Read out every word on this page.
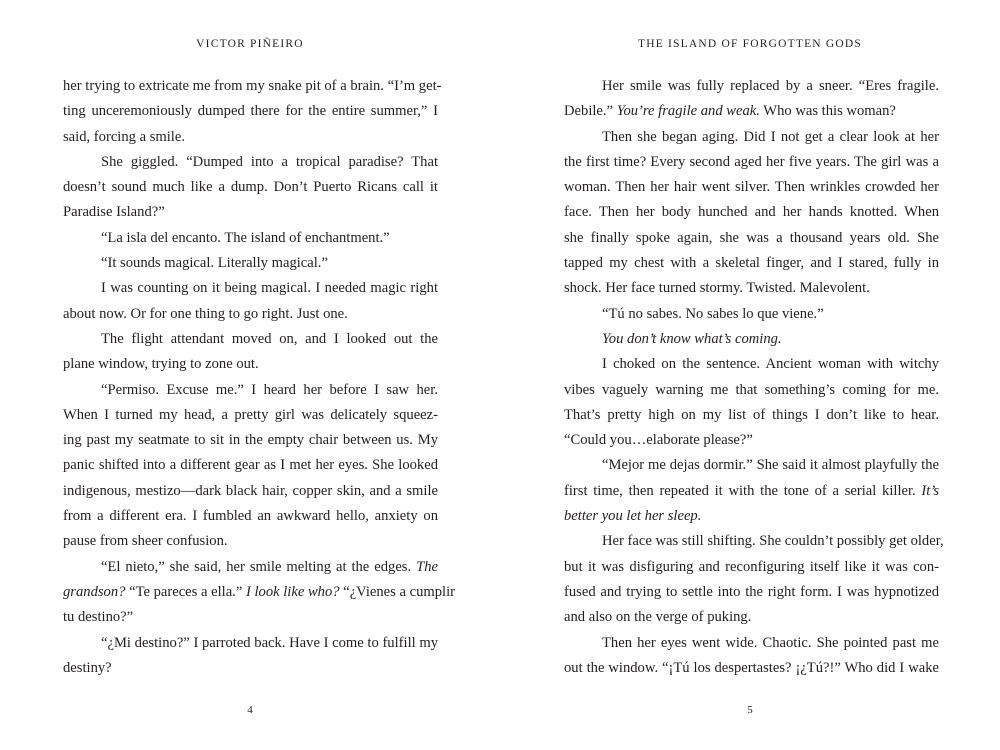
VICTOR PIÑEIRO
her trying to extricate me from my snake pit of a brain. “I’m get-
ting unceremoniously dumped there for the entire summer,” I
said, forcing a smile.
She giggled. “Dumped into a tropical paradise? That
doesn’t sound much like a dump. Don’t Puerto Ricans call it
Paradise Island?”
“La isla del encanto. The island of enchantment.”
“It sounds magical. Literally magical.”
I was counting on it being magical. I needed magic right
about now. Or for one thing to go right. Just one.
The flight attendant moved on, and I looked out the
plane window, trying to zone out.
“Permiso. Excuse me.” I heard her before I saw her.
When I turned my head, a pretty girl was delicately squeez-
ing past my seatmate to sit in the empty chair between us. My
panic shifted into a different gear as I met her eyes. She looked
indigenous, mestizo—dark black hair, copper skin, and a smile
from a different era. I fumbled an awkward hello, anxiety on
pause from sheer confusion.
“El nieto,” she said, her smile melting at the edges. The
grandson? “Te pareces a ella.” I look like who? “¿Vienes a cumplir
tu destino?”
“¿Mi destino?” I parroted back. Have I come to fulfill my
destiny?
4
THE ISLAND OF FORGOTTEN GODS
Her smile was fully replaced by a sneer. “Eres fragile.
Debile.” You’re fragile and weak. Who was this woman?
Then she began aging. Did I not get a clear look at her
the first time? Every second aged her five years. The girl was a
woman. Then her hair went silver. Then wrinkles crowded her
face. Then her body hunched and her hands knotted. When
she finally spoke again, she was a thousand years old. She
tapped my chest with a skeletal finger, and I stared, fully in
shock. Her face turned stormy. Twisted. Malevolent.
“Tú no sabes. No sabes lo que viene.”
You don’t know what’s coming.
I choked on the sentence. Ancient woman with witchy
vibes vaguely warning me that something’s coming for me.
That’s pretty high on my list of things I don’t like to hear.
“Could you…elaborate please?”
“Mejor me dejas dormir.” She said it almost playfully the
first time, then repeated it with the tone of a serial killer. It’s
better you let her sleep.
Her face was still shifting. She couldn’t possibly get older,
but it was disfiguring and reconfiguring itself like it was con-
fused and trying to settle into the right form. I was hypnotized
and also on the verge of puking.
Then her eyes went wide. Chaotic. She pointed past me
out the window. “¡Tú los despertastes? ¡¿Tú?!” Who did I wake
5
